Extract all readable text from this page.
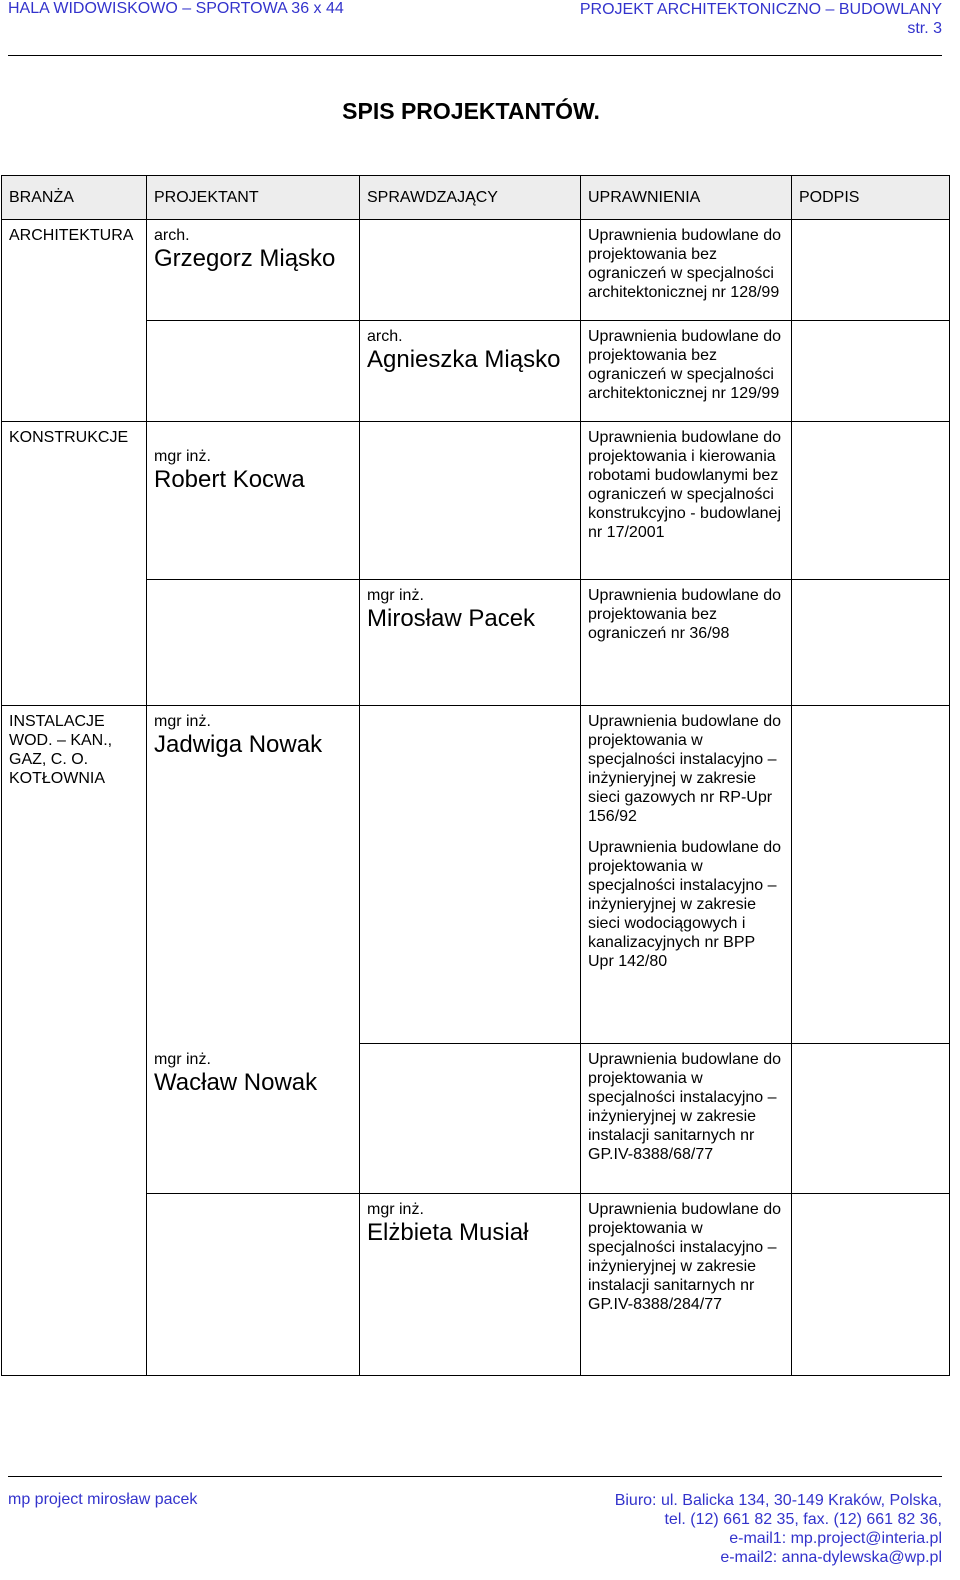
HALA WIDOWISKOWO – SPORTOWA 36 x 44	PROJEKT ARCHITEKTONICZNO – BUDOWLANY
str. 3
SPIS PROJEKTANTÓW.
BRANŻA	PROJEKTANT	SPRAWDZAJĄCY	UPRAWNIENIA	PODPIS
ARCHITEKTURA	arch.
Grzegorz Miąsko		Uprawnienia budowlane do projektowania bez ograniczeń w specjalności architektonicznej nr 128/99	

		arch.
Agnieszka Miąsko	Uprawnienia budowlane do projektowania bez ograniczeń w specjalności architektonicznej nr 129/99	

KONSTRUKCJE	mgr inż.
Robert Kocwa		Uprawnienia budowlane do projektowania i kierowania robotami budowlanymi bez ograniczeń w specjalności konstrukcyjno - budowlanej nr 17/2001	

		mgr inż.
Mirosław Pacek	Uprawnienia budowlane do projektowania bez ograniczeń nr 36/98	

INSTALACJE WOD. – KAN., GAZ, C. O. KOTŁOWNIA	mgr inż.
Jadwiga Nowak		Uprawnienia budowlane do projektowania w specjalności instalacyjno – inżynieryjnej w zakresie sieci gazowych nr RP-Upr 156/92
Uprawnienia budowlane do projektowania w specjalności instalacyjno – inżynieryjnej w zakresie sieci wodociągowych i kanalizacyjnych nr BPP Upr 142/80	

	mgr inż.
Wacław Nowak		Uprawnienia budowlane do projektowania w specjalności instalacyjno – inżynieryjnej w zakresie instalacji sanitarnych nr GP.IV-8388/68/77	

		mgr inż.
Elżbieta Musiał	Uprawnienia budowlane do projektowania w specjalności instalacyjno – inżynieryjnej w zakresie instalacji sanitarnych nr GP.IV-8388/284/77	

mp project mirosław pacek	Biuro: ul. Balicka 134, 30-149 Kraków, Polska,
tel. (12) 661 82 35, fax. (12) 661 82 36,
e-mail1: mp.project@interia.pl
e-mail2: anna-dylewska@wp.pl
